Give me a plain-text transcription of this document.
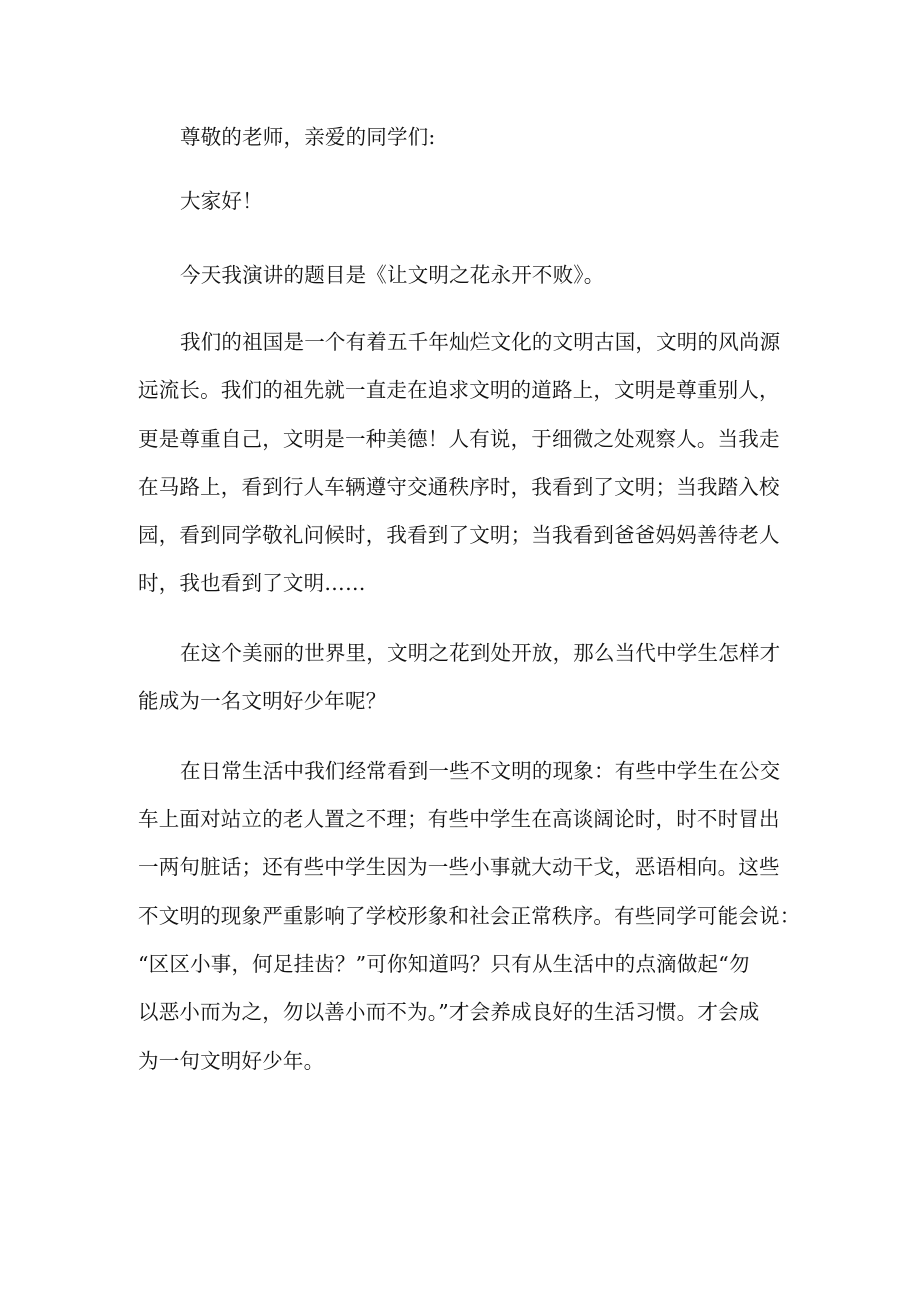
尊敬的老师，亲爱的同学们:
大家好！
今天我演讲的题目是《让文明之花永开不败》。
我们的祖国是一个有着五千年灿烂文化的文明古国，文明的风尚源
远流长。我们的祖先就一直走在追求文明的道路上，文明是尊重别人，
更是尊重自己，文明是一种美德！人有说，于细微之处观察人。当我走
在马路上，看到行人车辆遵守交通秩序时，我看到了文明；当我踏入校
园，看到同学敬礼问候时，我看到了文明；当我看到爸爸妈妈善待老人
时，我也看到了文明……
在这个美丽的世界里，文明之花到处开放，那么当代中学生怎样才
能成为一名文明好少年呢？
在日常生活中我们经常看到一些不文明的现象：有些中学生在公交
车上面对站立的老人置之不理；有些中学生在高谈阔论时，时不时冒出
一两句脏话；还有些中学生因为一些小事就大动干戈，恶语相向。这些
不文明的现象严重影响了学校形象和社会正常秩序。有些同学可能会说：
“区区小事，何足挂齿？”可你知道吗？只有从生活中的点滴做起“勿
以恶小而为之，勿以善小而不为。”才会养成良好的生活习惯。才会成
为一句文明好少年。
